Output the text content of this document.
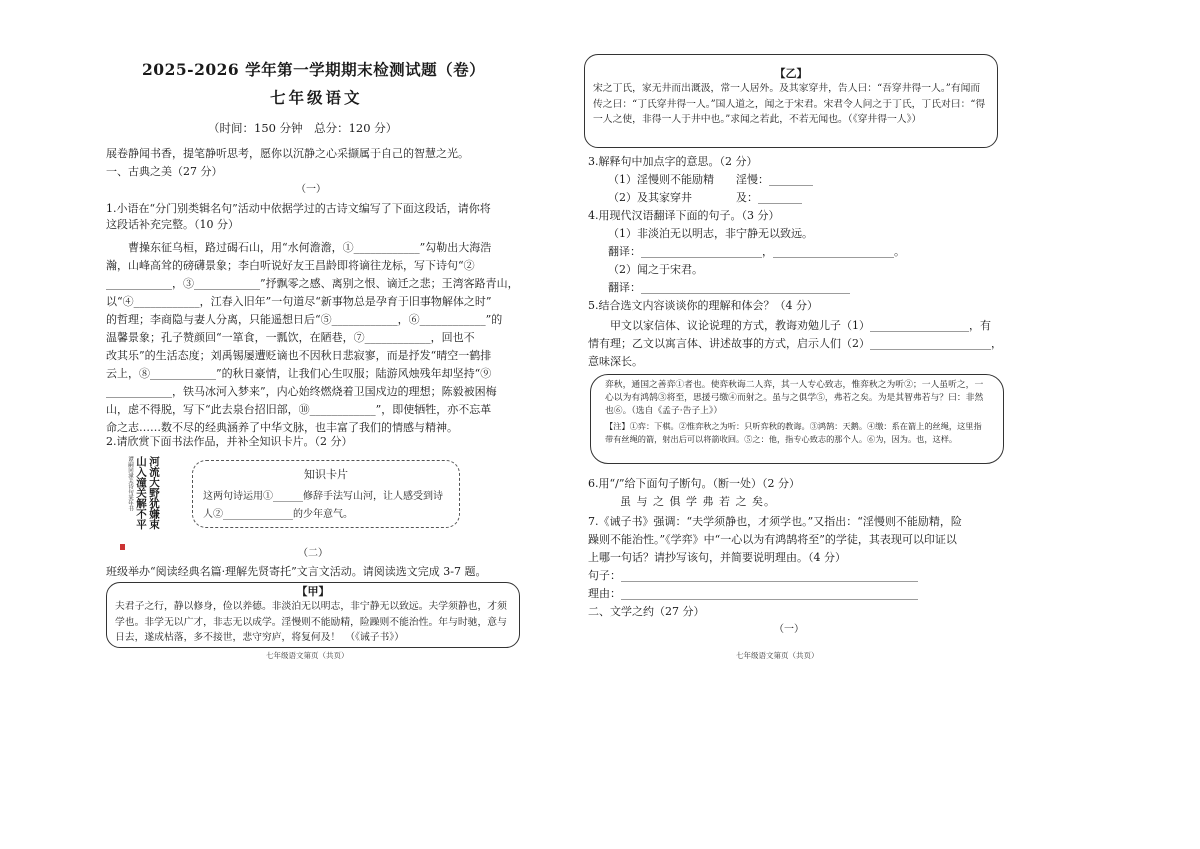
2025-2026 学年第一学期期末检测试题（卷）
七年级语文
（时间：150 分钟　总分：120 分）
展卷静闻书香，提笔静听思考，愿你以沉静之心采撷属于自己的智慧之光。
一、古典之美（27 分）
（一）
1.小语在“分门别类辑名句”活动中依据学过的古诗文编写了下面这段话，请你将
这段话补充完整。（10 分）
　　曹操东征乌桓，路过碣石山，用“水何澹澹，①____________”勾勒出大海浩
瀚，山峰高耸的磅礴景象；李白听说好友王昌龄即将谪往龙标，写下诗句“②
____________，③____________”抒飘零之感、离别之恨、谪迁之悲；王湾客路青山，
以“④____________，江春入旧年”一句道尽“新事物总是孕育于旧事物解体之时”
的哲理；李商隐与妻人分离，只能遥想日后“⑤____________，⑥____________”的
温馨景象；孔子赞颜回“一箪食，一瓢饮，在陋巷，⑦____________，回也不
改其乐”的生活态度；刘禹锡屡遭贬谪也不因秋日悲寂寥，而是抒发“晴空一鹤排
云上，⑧____________”的秋日豪情，让我们心生叹服；陆游风烛残年却坚持“⑨
____________，铁马冰河入梦来”，内心始终燃烧着卫国戍边的理想；陈毅被困梅
山，虑不得脱，写下“此去泉台招旧部，⑩____________”，即使牺牲，亦不忘革
命之志……数不尽的经典涵养了中华文脉，也丰富了我们的情感与精神。
2.请欣赏下面书法作品，并补全知识卡片。（2 分）
河流大野犹嫌束
山入潼关解不平
谭嗣同潼关诗句某年书	知识卡片
这两句诗运用①______修辞手法写山河，让人感受到诗
人②______________的少年意气。
（二）
班级举办“阅读经典名篇·理解先贤寄托”文言文活动。请阅读选文完成 3-7 题。
【甲】
夫君子之行，静以修身，俭以养德。非淡泊无以明志，非宁静无以致远。夫学须静也，才须学也。非学无以广才，非志无以成学。淫慢则不能励精，险躁则不能治性。年与时驰，意与日去，遂成枯落，多不接世，悲守穷庐，将复何及！　（《诫子书》）
七年级语文第页（共页）
【乙】
宋之丁氏，家无井而出溉汲，常一人居外。及其家穿井，告人曰：“吾穿井得一人。”有闻而传之曰：“丁氏穿井得一人。”国人道之，闻之于宋君。宋君令人问之于丁氏，丁氏对曰：“得一人之使，非得一人于井中也。”求闻之若此，不若无闻也。（《穿井得一人》）
3.解释句中加点字的意思。（2 分）
（1）淫慢则不能励精　　淫慢：________
（2）及其家穿井　　　　及：________
4.用现代汉语翻译下面的句子。（3 分）
（1）非淡泊无以明志，非宁静无以致远。
翻译：______________________，______________________。
（2）闻之于宋君。
翻译：______________________________________
5.结合选文内容谈谈你的理解和体会？（4 分）
　　甲文以家信体、议论说理的方式，教诲劝勉儿子（1）__________________，有
情有理；乙文以寓言体、讲述故事的方式，启示人们（2）______________________，
意味深长。
弈秋，通国之善弈①者也。使弈秋诲二人弈，其一人专心致志，惟弈秋之为听②；一人虽听之，一心以为有鸿鹄③将至，思援弓缴④而射之。虽与之俱学⑤，弗若之矣。为是其智弗若与？曰：非然也⑥。（选自《孟子·告子上》）
【注】①弈：下棋。②惟弈秋之为听：只听弈秋的教诲。③鸿鹄：天鹅。④缴：系在箭上的丝绳，这里指带有丝绳的箭，射出后可以将箭收回。⑤之：他，指专心致志的那个人。⑥为，因为。也，这样。
6.用“/”给下面句子断句。（断一处）（2 分）
虽 与 之 俱 学 弗 若 之 矣。
7.《诫子书》强调：“夫学须静也，才须学也。”又指出：“淫慢则不能励精，险
躁则不能治性。”《学弈》中“一心以为有鸿鹄将至”的学徒，其表现可以印证以
上哪一句话？请抄写该句，并简要说明理由。（4 分）
句子：______________________________________________________
理由：______________________________________________________
二、文学之约（27 分）
（一）
七年级语文第页（共页）
